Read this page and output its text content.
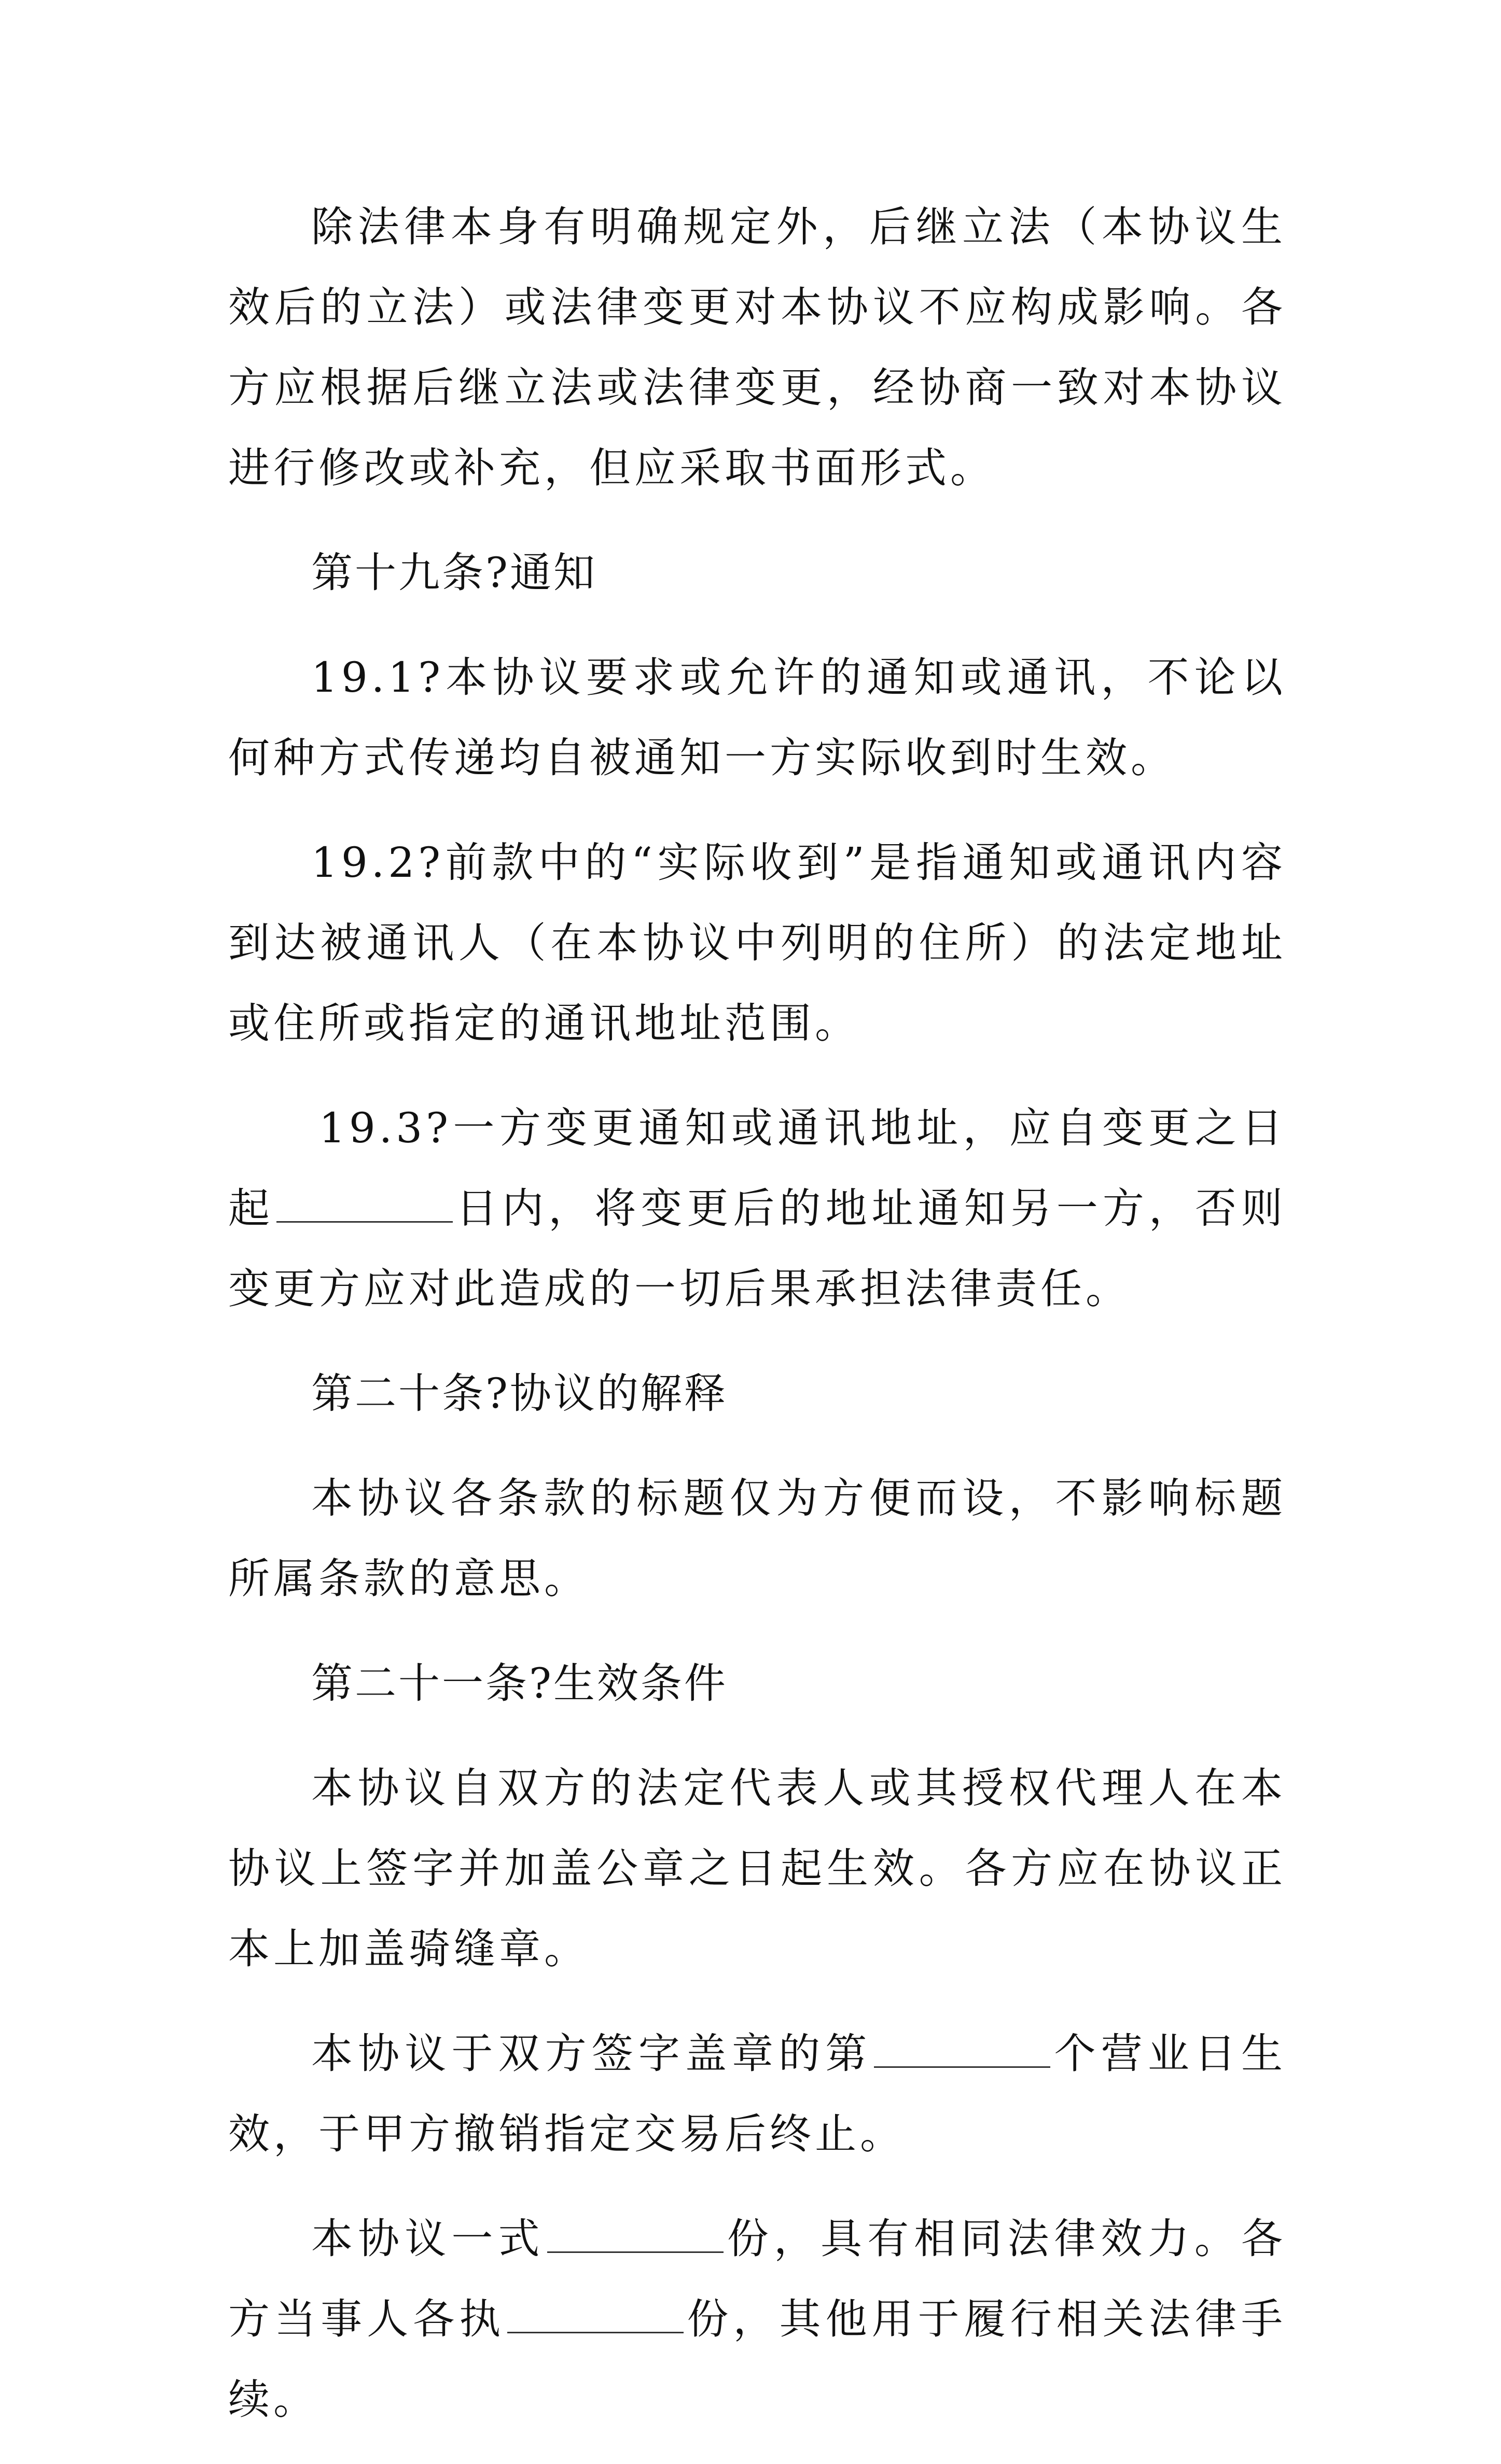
除法律本身有明确规定外，后继立法（本协议生效后的立法）或法律变更对本协议不应构成影响。各方应根据后继立法或法律变更，经协商一致对本协议进行修改或补充，但应采取书面形式。

第十九条?通知

19.1?本协议要求或允许的通知或通讯，不论以何种方式传递均自被通知一方实际收到时生效。

19.2?前款中的“实际收到”是指通知或通讯内容到达被通讯人（在本协议中列明的住所）的法定地址或住所或指定的通讯地址范围。

19.3?一方变更通知或通讯地址，应自变更之日起	日内，将变更后的地址通知另一方，否则变更方应对此造成的一切后果承担法律责任。

第二十条?协议的解释

本协议各条款的标题仅为方便而设，不影响标题所属条款的意思。

第二十一条?生效条件

本协议自双方的法定代表人或其授权代理人在本协议上签字并加盖公章之日起生效。各方应在协议正本上加盖骑缝章。

本协议于双方签字盖章的第	个营业日生效，于甲方撤销指定交易后终止。

本协议一式	份，具有相同法律效力。各方当事人各执	份，其他用于履行相关法律手续。
